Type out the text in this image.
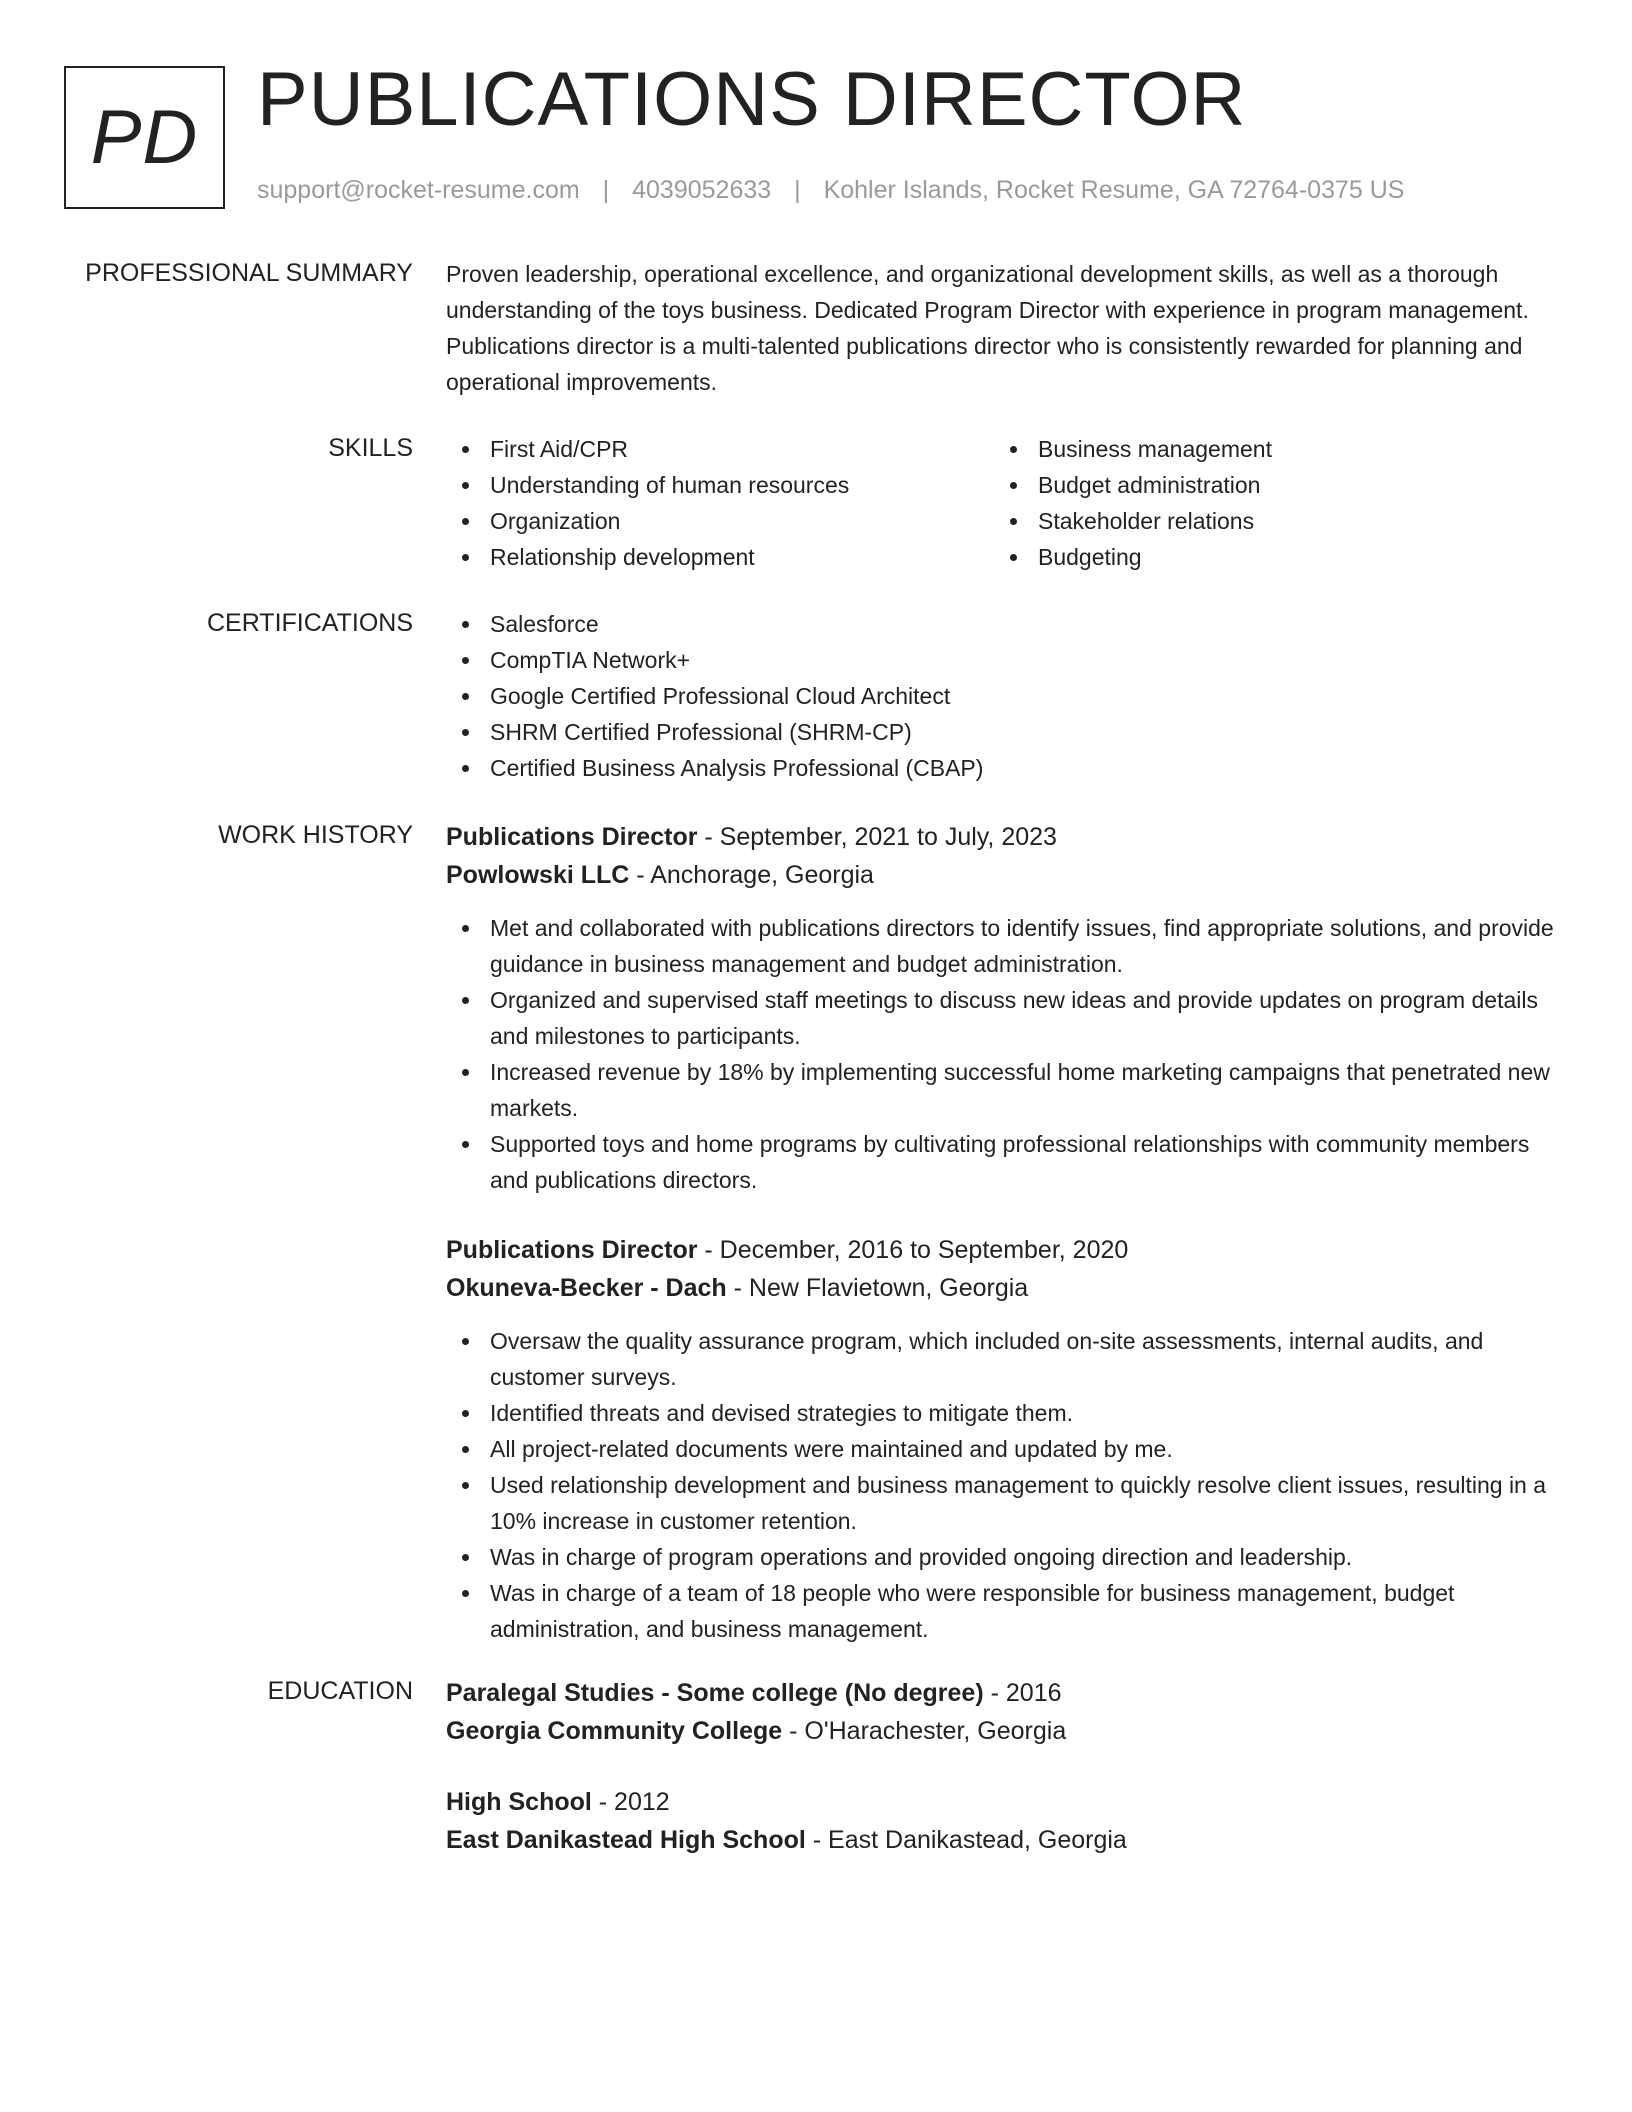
PD PUBLICATIONS DIRECTOR
support@rocket-resume.com | 4039052633 | Kohler Islands, Rocket Resume, GA 72764-0375 US
PROFESSIONAL SUMMARY Proven leadership, operational excellence, and organizational development skills, as well as a thorough understanding of the toys business. Dedicated Program Director with experience in program management. Publications director is a multi-talented publications director who is consistently rewarded for planning and operational improvements.
SKILLS	First Aid/CPR
Understanding of human resources
Organization
Relationship development
Business management
Budget administration
Stakeholder relations
Budgeting
CERTIFICATIONS	Salesforce
CompTIA Network+
Google Certified Professional Cloud Architect
SHRM Certified Professional (SHRM-CP)
Certified Business Analysis Professional (CBAP)
WORK HISTORY Publications Director - September, 2021 to July, 2023
Powlowski LLC - Anchorage, Georgia
Met and collaborated with publications directors to identify issues, find appropriate solutions, and provide guidance in business management and budget administration.
Organized and supervised staff meetings to discuss new ideas and provide updates on program details and milestones to participants.
Increased revenue by 18% by implementing successful home marketing campaigns that penetrated new markets.
Supported toys and home programs by cultivating professional relationships with community members and publications directors.
Publications Director - December, 2016 to September, 2020
Okuneva-Becker - Dach - New Flavietown, Georgia
Oversaw the quality assurance program, which included on-site assessments, internal audits, and customer surveys.
Identified threats and devised strategies to mitigate them.
All project-related documents were maintained and updated by me.
Used relationship development and business management to quickly resolve client issues, resulting in a 10% increase in customer retention.
Was in charge of program operations and provided ongoing direction and leadership.
Was in charge of a team of 18 people who were responsible for business management, budget administration, and business management.
EDUCATION Paralegal Studies - Some college (No degree) - 2016
Georgia Community College - O'Harachester, Georgia
High School - 2012
East Danikastead High School - East Danikastead, Georgia
